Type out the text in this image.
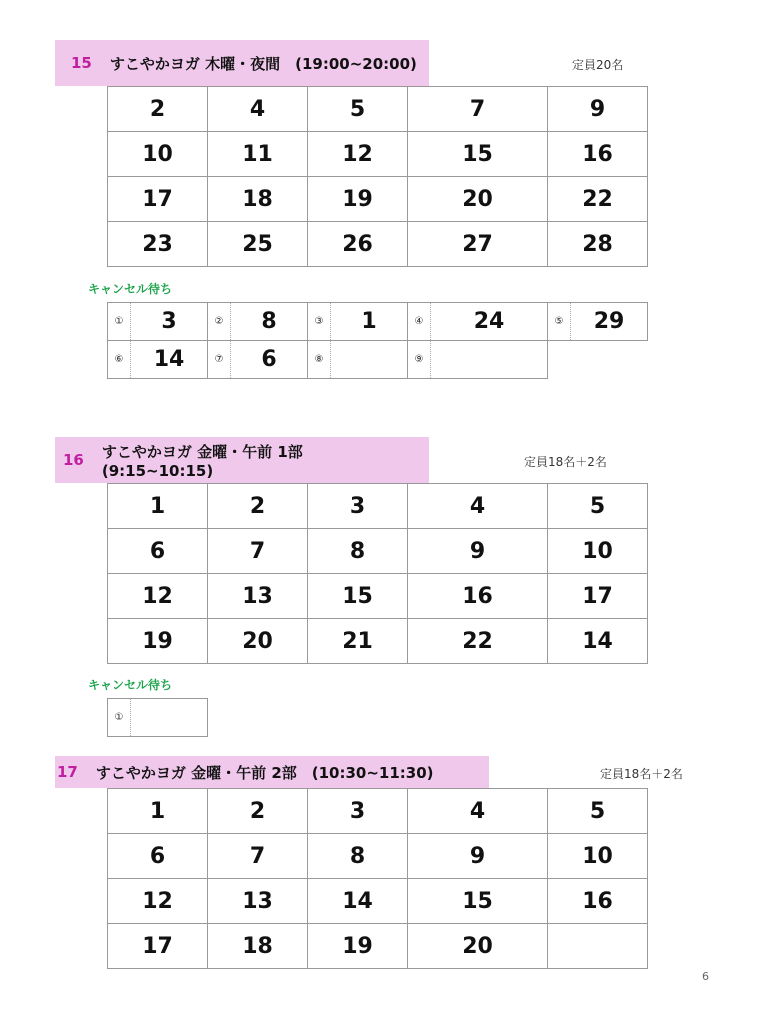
15 すこやかヨガ 木曜・夜間　(19:00~20:00)	定員20名
2	4	5	7	9
10	11	12	15	16
17	18	19	20	22
23	25	26	27	28
キャンセル待ち
① 3	② 8	③ 1	④ 24	⑤ 29

⑥ 14	⑦ 6	⑧	⑨	
16 すこやかヨガ 金曜・午前 1部　(9:15~10:15)	定員18名＋2名
1	2	3	4	5
6	7	8	9	10
12	13	15	16	17
19	20	21	22	14
キャンセル待ち
①
17 すこやかヨガ 金曜・午前 2部　(10:30~11:30)	定員18名＋2名
1	2	3	4	5
6	7	8	9	10
12	13	14	15	16
17	18	19	20	
6
